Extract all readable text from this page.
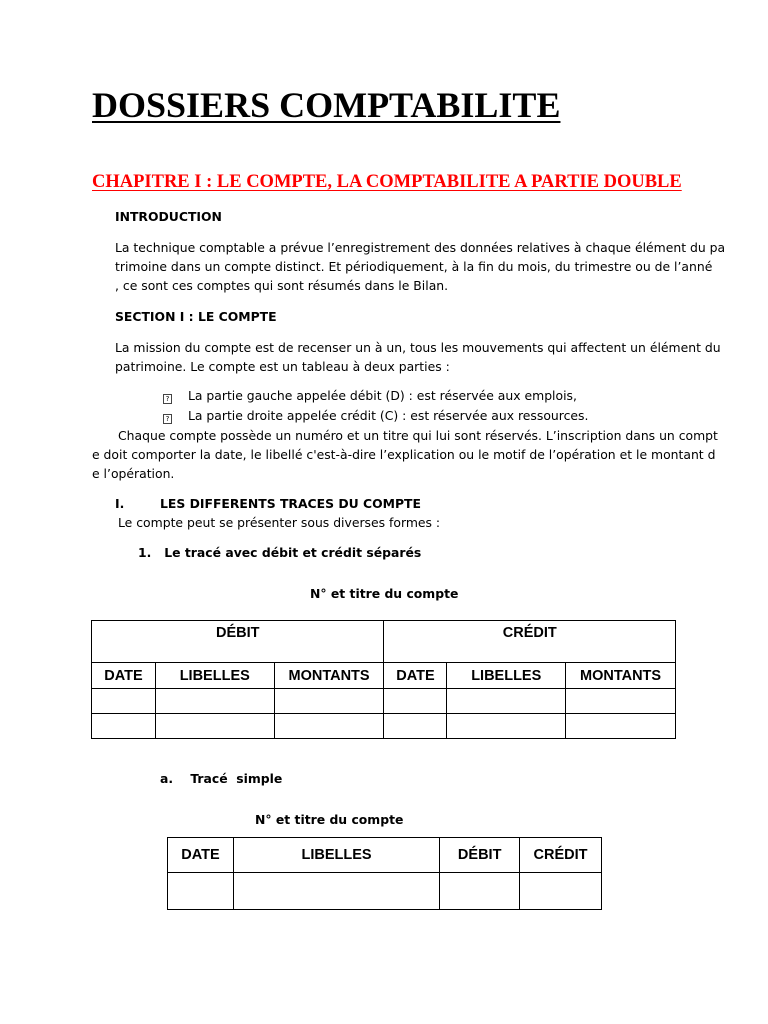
DOSSIERS COMPTABILITE
CHAPITRE I : LE COMPTE, LA COMPTABILITE A PARTIE DOUBLE
INTRODUCTION
La technique comptable a prévue l’enregistrement des données relatives à chaque élément du pa
trimoine dans un compte distinct. Et périodiquement, à la fin du mois, du trimestre ou de l’anné
, ce sont ces comptes qui sont résumés dans le Bilan.
SECTION I : LE COMPTE
La mission du compte est de recenser un à un, tous les mouvements qui affectent un élément du
patrimoine. Le compte est un tableau à deux parties :
? La partie gauche appelée débit (D) : est réservée aux emplois,
? La partie droite appelée crédit (C) : est réservée aux ressources.
Chaque compte possède un numéro et un titre qui lui sont réservés. L’inscription dans un compt
e doit comporter la date, le libellé c'est-à-dire l’explication ou le motif de l’opération et le montant d
e l’opération.
I.	LES DIFFERENTS TRACES DU COMPTE
Le compte peut se présenter sous diverses formes :
1.   Le tracé avec débit et crédit séparés
N° et titre du compte
DÉBIT			CRÉDIT		
DATE	LIBELLES	MONTANTS	DATE	LIBELLES	MONTANTS

a.    Tracé  simple
N° et titre du compte
DATE	LIBELLES	DÉBIT	CRÉDIT
